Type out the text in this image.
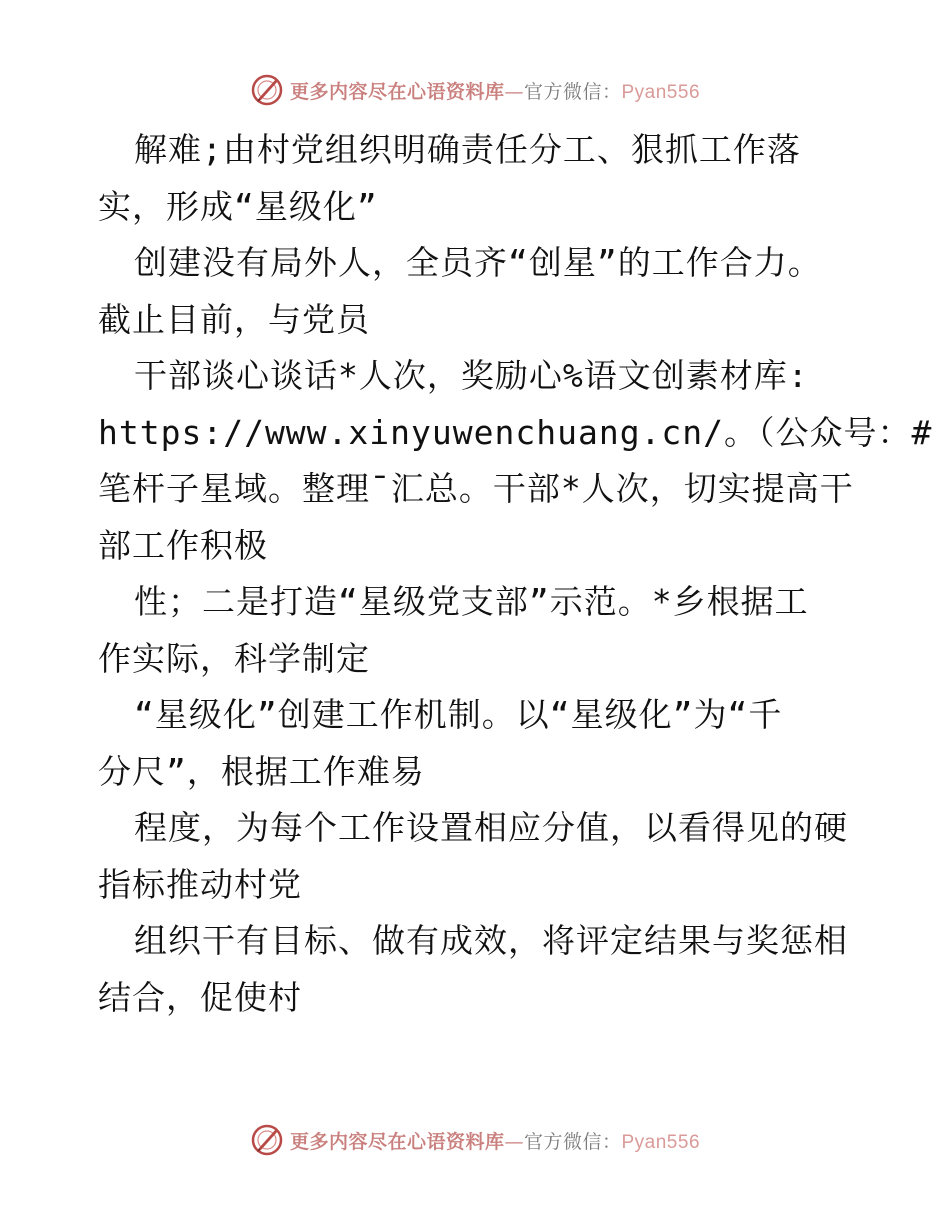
更多内容尽在心语资料库—官方微信：Pyan556
解难;由村党组织明确责任分工、狠抓工作落
实，形成“星级化”
创建没有局外人，全员齐“创星”的工作合力。
截止目前，与党员
干部谈心谈话*人次，奖励心%语文创素材库:
https://www.xinyuwenchuang.cn/。（公众号：#
笔杆子星域。整理¯汇总。干部*人次，切实提高干
部工作积极
性；二是打造“星级党支部”示范。*乡根据工
作实际，科学制定
“星级化”创建工作机制。以“星级化”为“千
分尺”，根据工作难易
程度，为每个工作设置相应分值，以看得见的硬
指标推动村党
组织干有目标、做有成效，将评定结果与奖惩相
结合，促使村
更多内容尽在心语资料库—官方微信：Pyan556
